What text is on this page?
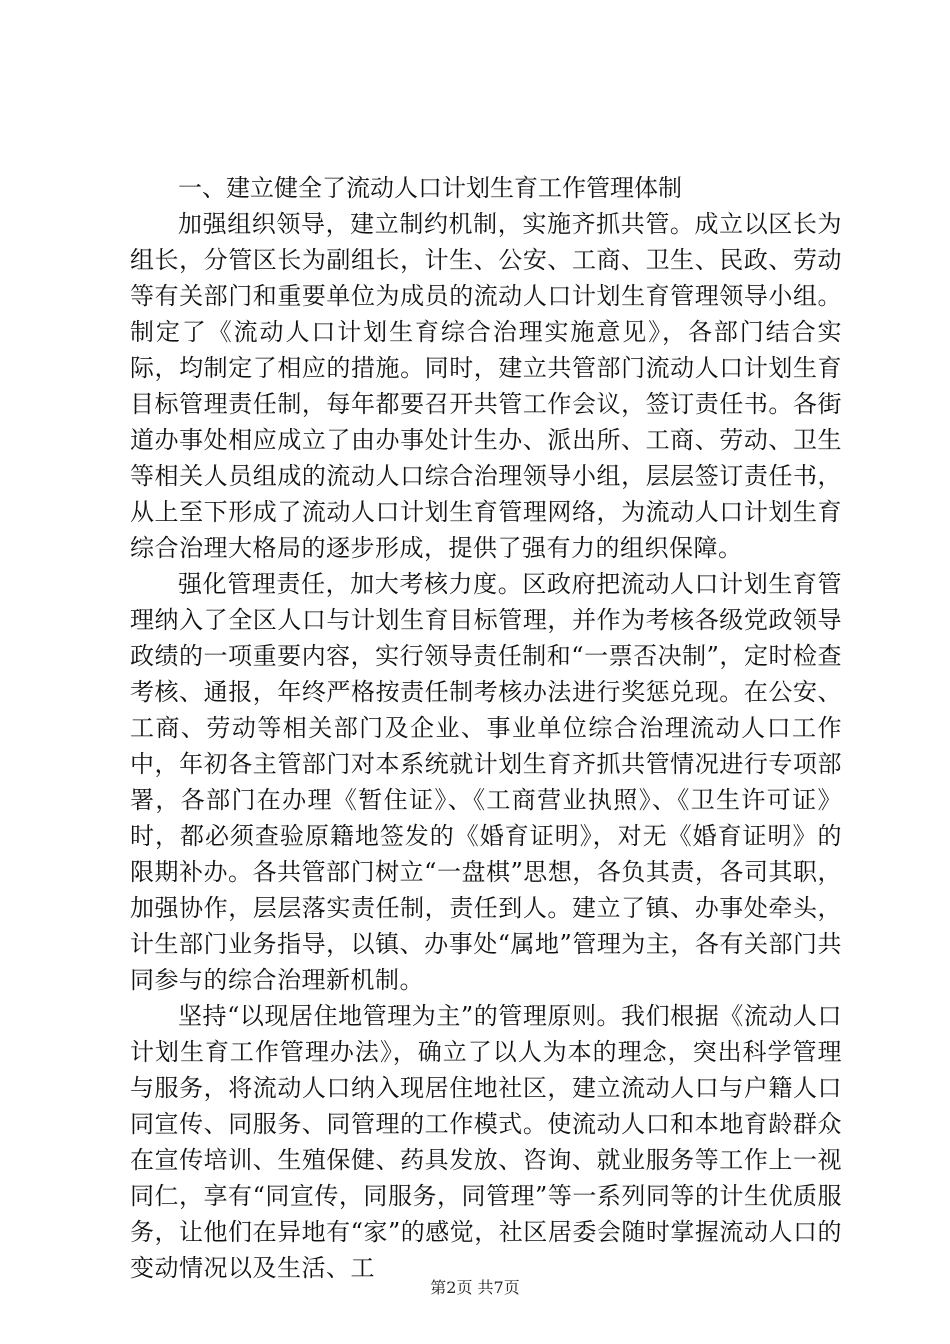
一、建立健全了流动人口计划生育工作管理体制

加强组织领导，建立制约机制，实施齐抓共管。成立以区长为组长，分管区长为副组长，计生、公安、工商、卫生、民政、劳动等有关部门和重要单位为成员的流动人口计划生育管理领导小组。制定了《流动人口计划生育综合治理实施意见》，各部门结合实际，均制定了相应的措施。同时，建立共管部门流动人口计划生育目标管理责任制，每年都要召开共管工作会议，签订责任书。各街道办事处相应成立了由办事处计生办、派出所、工商、劳动、卫生等相关人员组成的流动人口综合治理领导小组，层层签订责任书，从上至下形成了流动人口计划生育管理网络，为流动人口计划生育综合治理大格局的逐步形成，提供了强有力的组织保障。

强化管理责任，加大考核力度。区政府把流动人口计划生育管理纳入了全区人口与计划生育目标管理，并作为考核各级党政领导政绩的一项重要内容，实行领导责任制和“一票否决制”，定时检查考核、通报，年终严格按责任制考核办法进行奖惩兑现。在公安、工商、劳动等相关部门及企业、事业单位综合治理流动人口工作中，年初各主管部门对本系统就计划生育齐抓共管情况进行专项部署，各部门在办理《暂住证》、《工商营业执照》、《卫生许可证》时，都必须查验原籍地签发的《婚育证明》，对无《婚育证明》的限期补办。各共管部门树立“一盘棋”思想，各负其责，各司其职，加强协作，层层落实责任制，责任到人。建立了镇、办事处牵头，计生部门业务指导，以镇、办事处“属地”管理为主，各有关部门共同参与的综合治理新机制。

坚持“以现居住地管理为主”的管理原则。我们根据《流动人口计划生育工作管理办法》，确立了以人为本的理念，突出科学管理与服务，将流动人口纳入现居住地社区，建立流动人口与户籍人口同宣传、同服务、同管理的工作模式。使流动人口和本地育龄群众在宣传培训、生殖保健、药具发放、咨询、就业服务等工作上一视同仁，享有“同宣传，同服务，同管理”等一系列同等的计生优质服务，让他们在异地有“家”的感觉，社区居委会随时掌握流动人口的变动情况以及生活、工

第2页 共7页
